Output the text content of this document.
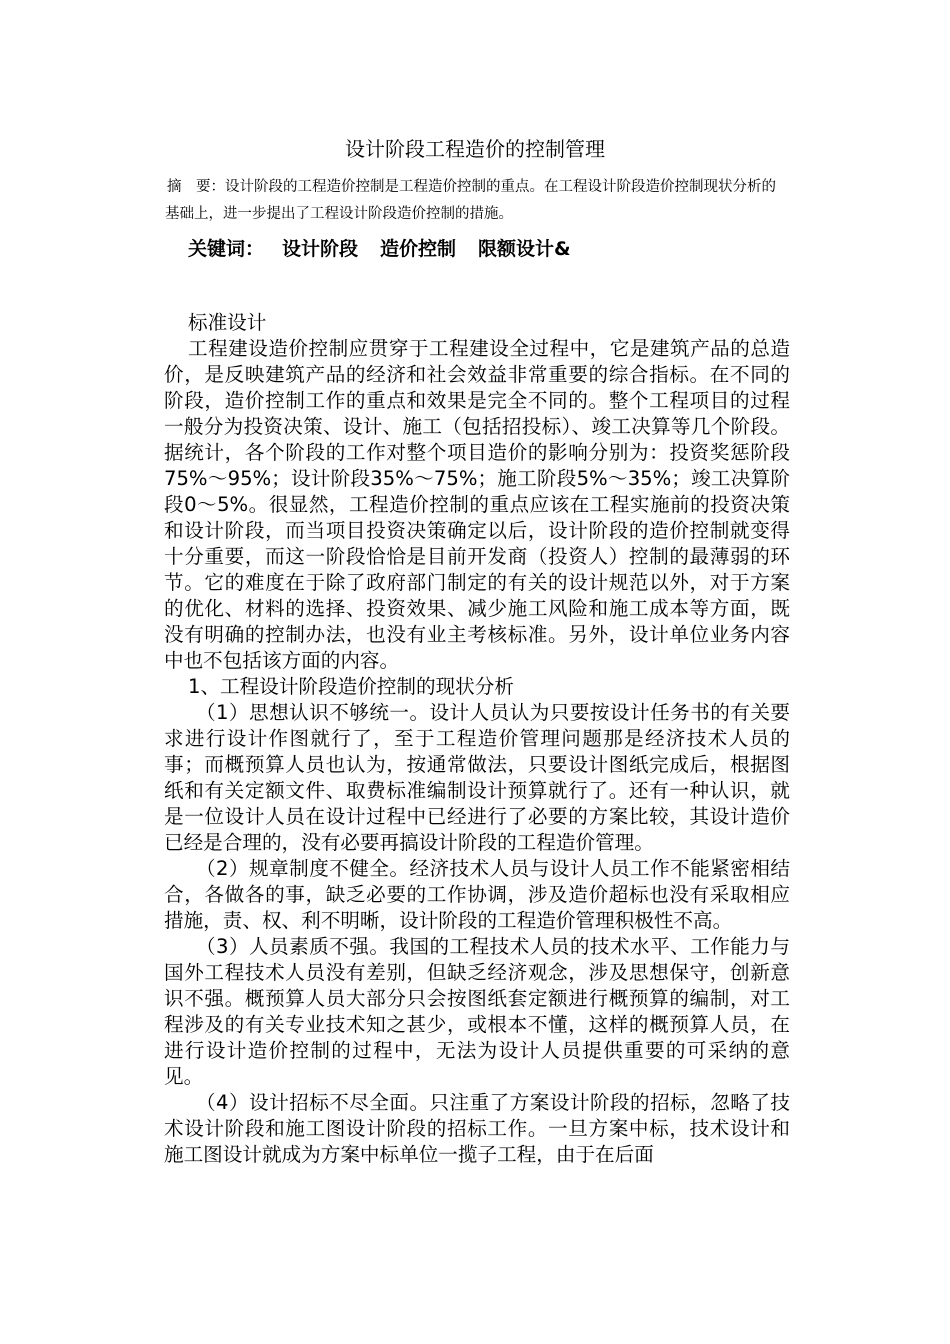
设计阶段工程造价的控制管理

摘　要：设计阶段的工程造价控制是工程造价控制的重点。在工程设计阶段造价控制现状分析的基础上，进一步提出了工程设计阶段造价控制的措施。

关键词： 设计阶段 造价控制 限额设计&

标准设计

工程建设造价控制应贯穿于工程建设全过程中，它是建筑产品的总造价，是反映建筑产品的经济和社会效益非常重要的综合指标。在不同的阶段，造价控制工作的重点和效果是完全不同的。整个工程项目的过程一般分为投资决策、设计、施工（包括招投标）、竣工决算等几个阶段。据统计，各个阶段的工作对整个项目造价的影响分别为：投资奖惩阶段75%～95%；设计阶段35%～75%；施工阶段5%～35%；竣工决算阶段0～5%。很显然，工程造价控制的重点应该在工程实施前的投资决策和设计阶段，而当项目投资决策确定以后，设计阶段的造价控制就变得十分重要，而这一阶段恰恰是目前开发商（投资人）控制的最薄弱的环节。它的难度在于除了政府部门制定的有关的设计规范以外，对于方案的优化、材料的选择、投资效果、减少施工风险和施工成本等方面，既没有明确的控制办法，也没有业主考核标准。另外，设计单位业务内容中也不包括该方面的内容。

1、工程设计阶段造价控制的现状分析

（1）思想认识不够统一。设计人员认为只要按设计任务书的有关要求进行设计作图就行了，至于工程造价管理问题那是经济技术人员的事；而概预算人员也认为，按通常做法，只要设计图纸完成后，根据图纸和有关定额文件、取费标准编制设计预算就行了。还有一种认识，就是一位设计人员在设计过程中已经进行了必要的方案比较，其设计造价已经是合理的，没有必要再搞设计阶段的工程造价管理。

（2）规章制度不健全。经济技术人员与设计人员工作不能紧密相结合，各做各的事，缺乏必要的工作协调，涉及造价超标也没有采取相应措施，责、权、利不明晰，设计阶段的工程造价管理积极性不高。

（3）人员素质不强。我国的工程技术人员的技术水平、工作能力与国外工程技术人员没有差别，但缺乏经济观念，涉及思想保守，创新意识不强。概预算人员大部分只会按图纸套定额进行概预算的编制，对工程涉及的有关专业技术知之甚少，或根本不懂，这样的概预算人员，在进行设计造价控制的过程中，无法为设计人员提供重要的可采纳的意见。

（4）设计招标不尽全面。只注重了方案设计阶段的招标，忽略了技术设计阶段和施工图设计阶段的招标工作。一旦方案中标，技术设计和施工图设计就成为方案中标单位一揽子工程，由于在后面
